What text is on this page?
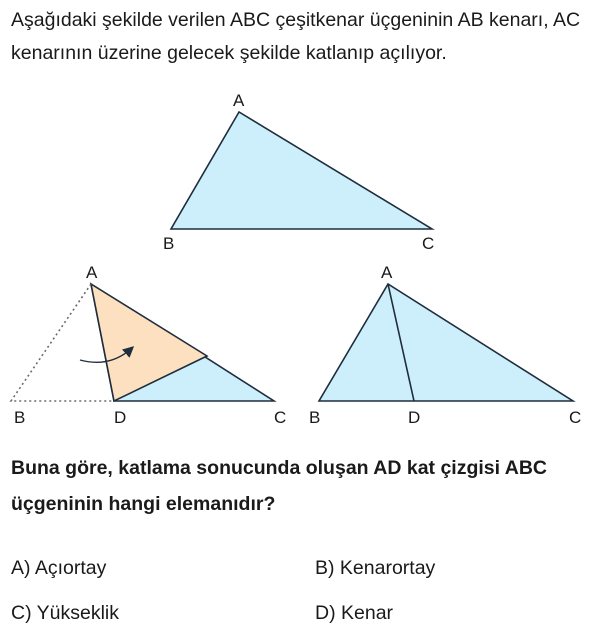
Aşağıdaki şekilde verilen ABC çeşitkenar üçgeninin AB kenarı, AC kenarının üzerine gelecek şekilde katlanıp açılıyor.

A
B	C
A
B	D	C
A
B	D	C

Buna göre, katlama sonucunda oluşan AD kat çizgisi ABC üçgeninin hangi elemanıdır?

A) Açıortay	B) Kenarortay
C) Yükseklik	D) Kenar
